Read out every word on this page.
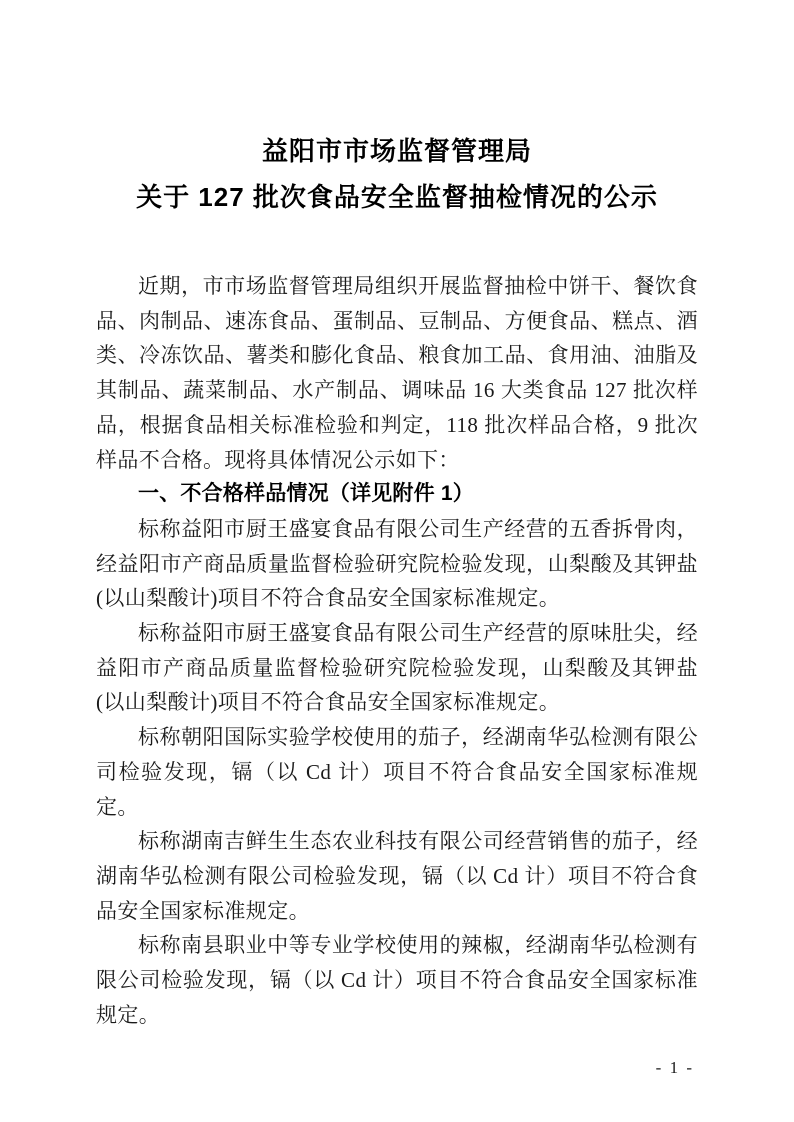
益阳市市场监督管理局
关于 127 批次食品安全监督抽检情况的公示

近期，市市场监督管理局组织开展监督抽检中饼干、餐饮食品、肉制品、速冻食品、蛋制品、豆制品、方便食品、糕点、酒类、冷冻饮品、薯类和膨化食品、粮食加工品、食用油、油脂及其制品、蔬菜制品、水产制品、调味品 16 大类食品 127 批次样品，根据食品相关标准检验和判定，118 批次样品合格，9 批次样品不合格。现将具体情况公示如下：

一、不合格样品情况（详见附件 1）

标称益阳市厨王盛宴食品有限公司生产经营的五香拆骨肉，经益阳市产商品质量监督检验研究院检验发现，山梨酸及其钾盐(以山梨酸计)项目不符合食品安全国家标准规定。

标称益阳市厨王盛宴食品有限公司生产经营的原味肚尖，经益阳市产商品质量监督检验研究院检验发现，山梨酸及其钾盐(以山梨酸计)项目不符合食品安全国家标准规定。

标称朝阳国际实验学校使用的茄子，经湖南华弘检测有限公司检验发现，镉（以 Cd 计）项目不符合食品安全国家标准规定。

标称湖南吉鲜生生态农业科技有限公司经营销售的茄子，经湖南华弘检测有限公司检验发现，镉（以 Cd 计）项目不符合食品安全国家标准规定。

标称南县职业中等专业学校使用的辣椒，经湖南华弘检测有限公司检验发现，镉（以 Cd 计）项目不符合食品安全国家标准规定。

- 1 -
